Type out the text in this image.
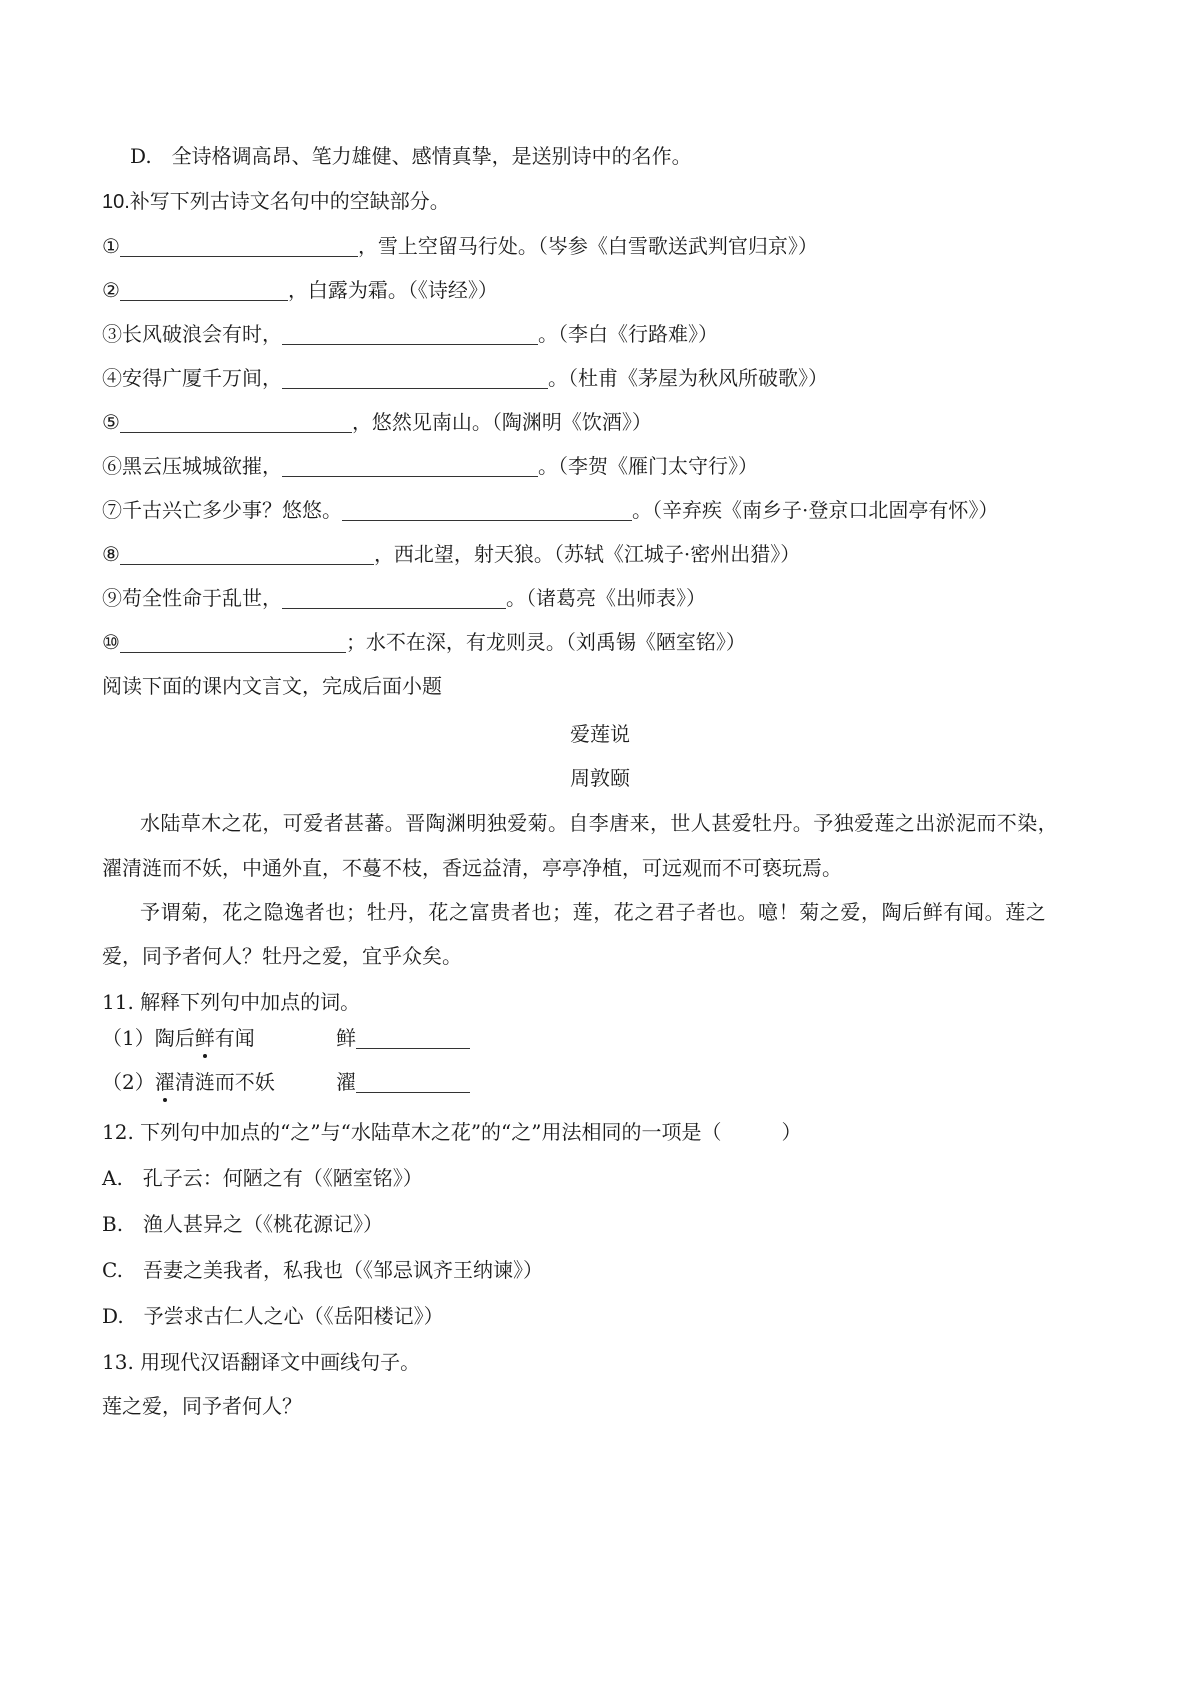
D.　全诗格调高昂、笔力雄健、感情真挚，是送别诗中的名作。
10.补写下列古诗文名句中的空缺部分。
①	，雪上空留马行处。（岑参《白雪歌送武判官归京》）
②	，白露为霜。（《诗经》）
③长风破浪会有时，	。（李白《行路难》）
④安得广厦千万间，	。（杜甫《茅屋为秋风所破歌》）
⑤	，悠然见南山。（陶渊明《饮酒》）
⑥黑云压城城欲摧，	。（李贺《雁门太守行》）
⑦千古兴亡多少事？悠悠。	。（辛弃疾《南乡子·登京口北固亭有怀》）
⑧	，西北望，射天狼。（苏轼《江城子·密州出猎》）
⑨苟全性命于乱世，	。（诸葛亮《出师表》）
⑩	；水不在深，有龙则灵。（刘禹锡《陋室铭》）
阅读下面的课内文言文，完成后面小题
爱莲说
周敦颐
水陆草木之花，可爱者甚蕃。晋陶渊明独爱菊。自李唐来，世人甚爱牡丹。予独爱莲之出淤泥而不染，
濯清涟而不妖，中通外直，不蔓不枝，香远益清，亭亭净植，可远观而不可亵玩焉。
予谓菊，花之隐逸者也；牡丹，花之富贵者也；莲，花之君子者也。噫！菊之爱，陶后鲜有闻。莲之
爱，同予者何人？牡丹之爱，宜乎众矣。
11. 解释下列句中加点的词。
（1）陶后鲜有闻	鲜
（2）濯清涟而不妖	濯
12. 下列句中加点的“之”与“水陆草木之花”的“之”用法相同的一项是（　　　）
A.　孔子云：何陋之有（《陋室铭》）
B.　渔人甚异之（《桃花源记》）
C.　吾妻之美我者，私我也（《邹忌讽齐王纳谏》）
D.　予尝求古仁人之心（《岳阳楼记》）
13. 用现代汉语翻译文中画线句子。
莲之爱，同予者何人？
